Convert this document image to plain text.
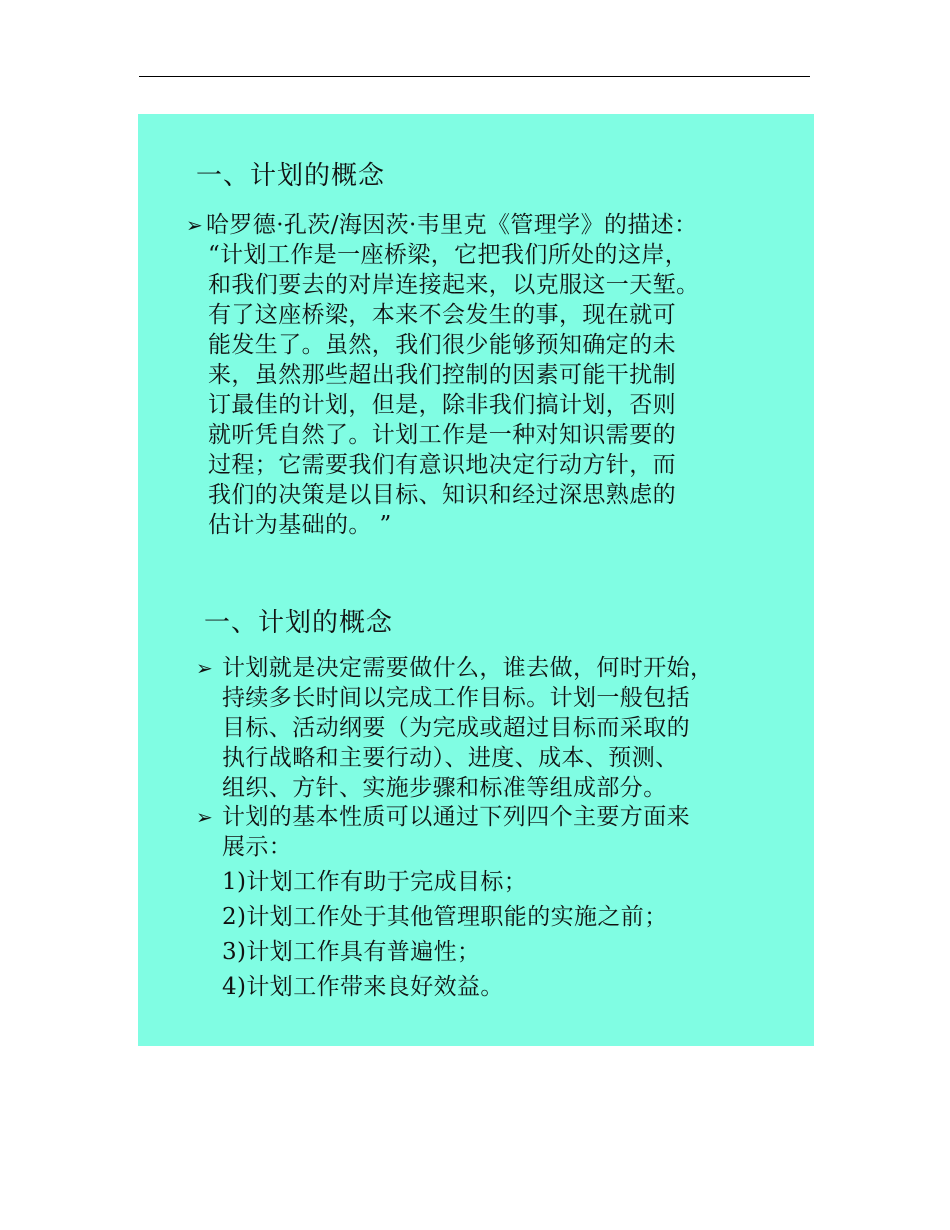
一、计划的概念
➢ 哈罗德·孔茨/海因茨·韦里克《管理学》的描述：
“计划工作是一座桥梁，它把我们所处的这岸，
和我们要去的对岸连接起来，以克服这一天堑。
有了这座桥梁，本来不会发生的事，现在就可
能发生了。虽然，我们很少能够预知确定的未
来，虽然那些超出我们控制的因素可能干扰制
订最佳的计划，但是，除非我们搞计划，否则
就听凭自然了。计划工作是一种对知识需要的
过程；它需要我们有意识地决定行动方针，而
我们的决策是以目标、知识和经过深思熟虑的
估计为基础的。 ”
一、计划的概念
➢ 计划就是决定需要做什么，谁去做，何时开始，
持续多长时间以完成工作目标。计划一般包括
目标、活动纲要（为完成或超过目标而采取的
执行战略和主要行动）、进度、成本、预测、
组织、方针、实施步骤和标准等组成部分。
➢ 计划的基本性质可以通过下列四个主要方面来
展示：
1)计划工作有助于完成目标；
2)计划工作处于其他管理职能的实施之前；
3)计划工作具有普遍性；
4)计划工作带来良好效益。
